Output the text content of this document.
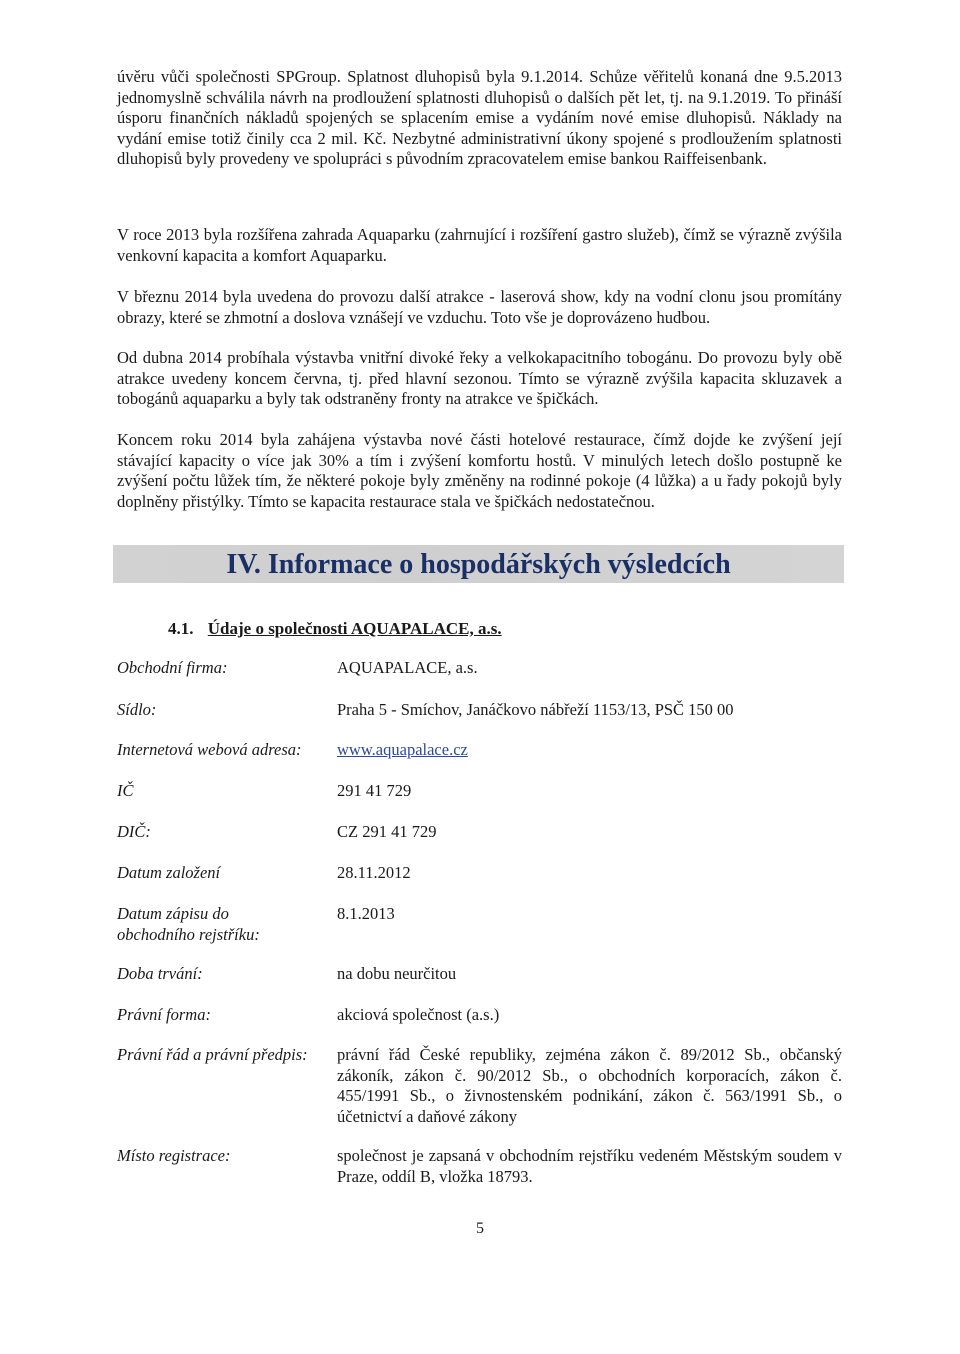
úvěru vůči společnosti SPGroup. Splatnost dluhopisů byla 9.1.2014. Schůze věřitelů konaná dne 9.5.2013 jednomyslně schválila návrh na prodloužení splatnosti dluhopisů o dalších pět let, tj. na 9.1.2019. To přináší úsporu finančních nákladů spojených se splacením emise a vydáním nové emise dluhopisů. Náklady na vydání emise totiž činily cca 2 mil. Kč. Nezbytné administrativní úkony spojené s prodloužením splatnosti dluhopisů byly provedeny ve spolupráci s původním zpracovatelem emise bankou Raiffeisenbank.

V roce 2013 byla rozšířena zahrada Aquaparku (zahrnující i rozšíření gastro služeb), čímž se výrazně zvýšila venkovní kapacita a komfort Aquaparku.

V březnu 2014 byla uvedena do provozu další atrakce - laserová show, kdy na vodní clonu jsou promítány obrazy, které se zhmotní a doslova vznášejí ve vzduchu. Toto vše je doprovázeno hudbou.

Od dubna 2014 probíhala výstavba vnitřní divoké řeky a velkokapacitního tobogánu. Do provozu byly obě atrakce uvedeny koncem června, tj. před hlavní sezonou. Tímto se výrazně zvýšila kapacita skluzavek a tobogánů aquaparku a byly tak odstraněny fronty na atrakce ve špičkách.

Koncem roku 2014 byla zahájena výstavba nové části hotelové restaurace, čímž dojde ke zvýšení její stávající kapacity o více jak 30% a tím i zvýšení komfortu hostů. V minulých letech došlo postupně ke zvýšení počtu lůžek tím, že některé pokoje byly změněny na rodinné pokoje (4 lůžka) a u řady pokojů byly doplněny přistýlky. Tímto se kapacita restaurace stala ve špičkách nedostatečnou.

IV. Informace o hospodářských výsledcích
4.1. Údaje o společnosti AQUAPALACE, a.s.
Obchodní firma:	AQUAPALACE, a.s.
Sídlo:	Praha 5 - Smíchov, Janáčkovo nábřeží 1153/13, PSČ 150 00
Internetová webová adresa:	www.aquapalace.cz
IČ	291 41 729
DIČ:	CZ 291 41 729
Datum založení	28.11.2012
Datum zápisu do obchodního rejstříku:
8.1.2013
Doba trvání:	na dobu neurčitou
Právní forma:	akciová společnost (a.s.)
Právní řád a právní předpis:	právní řád České republiky, zejména zákon č. 89/2012 Sb., občanský zákoník, zákon č. 90/2012 Sb., o obchodních korporacích, zákon č. 455/1991 Sb., o živnostenském podnikání, zákon č. 563/1991 Sb., o účetnictví a daňové zákony
Místo registrace:	společnost je zapsaná v obchodním rejstříku vedeném Městským soudem v Praze, oddíl B, vložka 18793.
5
